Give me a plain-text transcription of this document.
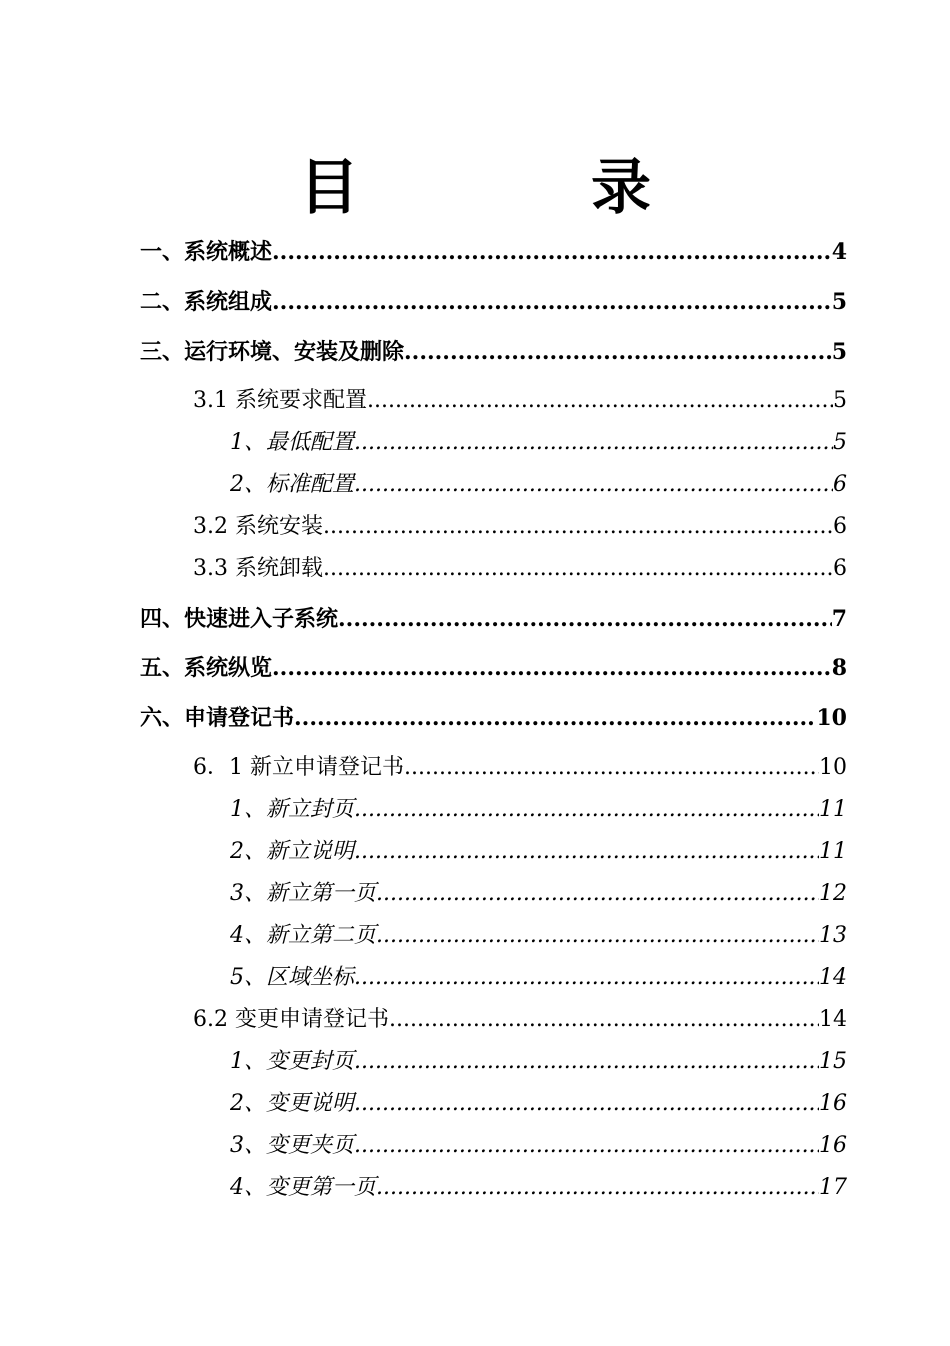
目　录
一、系统概述 .....	4
二、系统组成 .....	5
三、运行环境、安装及删除 .....	5
3.1 系统要求配置 .....	5
1、最低配置 .....	5
2、标准配置 .....	6
3.2 系统安装 .....	6
3.3 系统卸载 .....	6
四、快速进入子系统 .....	7
五、系统纵览 .....	8
六、申请登记书 .....	10
6．1 新立申请登记书 .....	10
1、新立封页 .....	11
2、新立说明 .....	11
3、新立第一页 .....	12
4、新立第二页 .....	13
5、区域坐标 .....	14
6.2 变更申请登记书 .....	14
1、变更封页 .....	15
2、变更说明 .....	16
3、变更夹页 .....	16
4、变更第一页 .....	17
